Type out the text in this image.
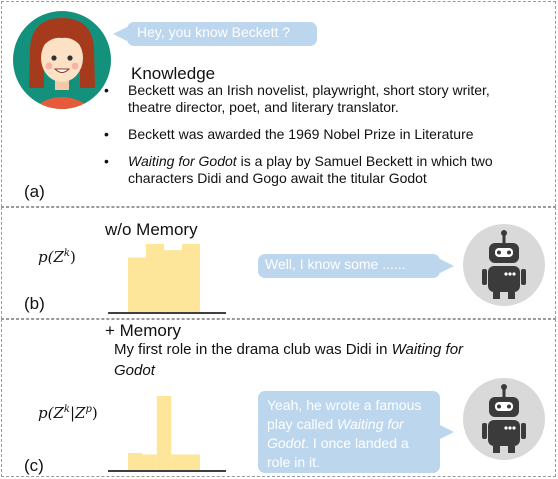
(a)
Hey, you know Beckett ?
Knowledge
• Beckett was an Irish novelist, playwright, short story writer, theatre director, poet, and literary translator.
• Beckett was awarded the 1969 Nobel Prize in Literature
• Waiting for Godot is a play by Samuel Beckett in which two characters Didi and Gogo await the titular Godot
(b)
w/o Memory
$p(Z^k)$	Well, I know some ......
(c)
+ Memory
My first role in the drama club was Didi in Waiting for Godot
$p(Z^k|Z^p)$	Yeah, he wrote a famous play called Waiting for Godot. I once landed a role in it.
